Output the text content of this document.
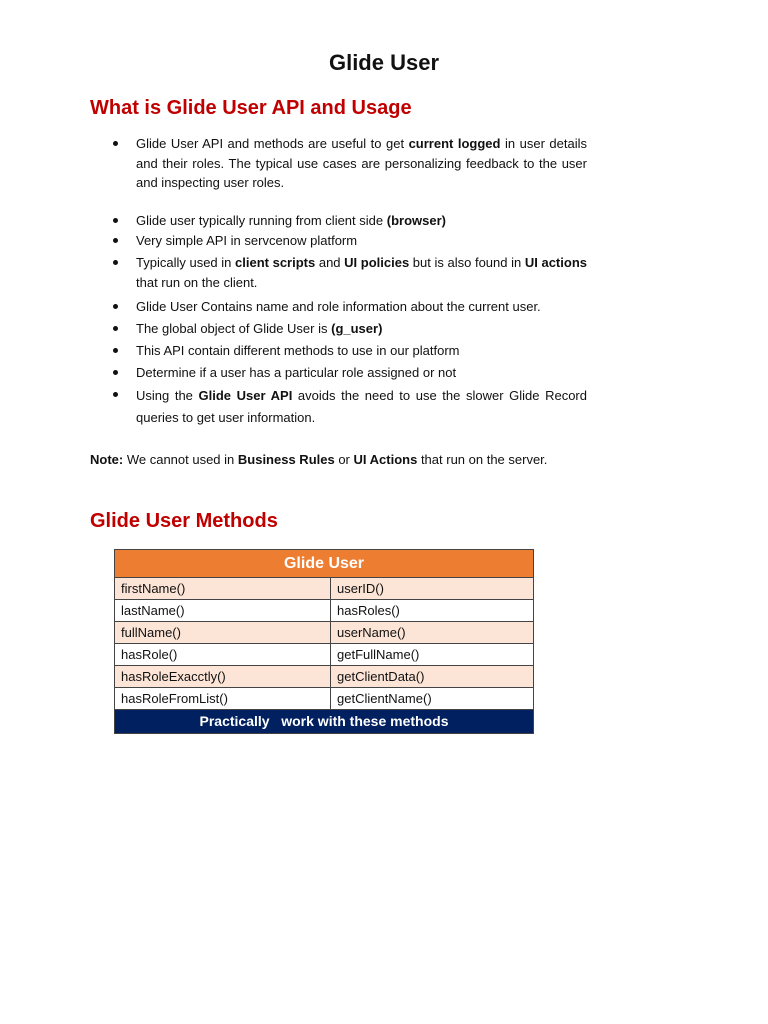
Glide User
What is Glide User API and Usage
Glide User API and methods are useful to get current logged in user details and their roles. The typical use cases are personalizing feedback to the user and inspecting user roles.
Glide user typically running from client side (browser)
Very simple API in servcenow platform
Typically used in client scripts and UI policies but is also found in UI actions that run on the client.
Glide User Contains name and role information about the current user.
The global object of Glide User is (g_user)
This API contain different methods to use in our platform
Determine if a user has a particular role assigned or not
Using the Glide User API avoids the need to use the slower Glide Record queries to get user information.
Note: We cannot used in Business Rules or UI Actions that run on the server.
Glide User Methods
Glide User	
firstName()	userID()
lastName()	hasRoles()
fullName()	userName()
hasRole()	getFullName()
hasRoleExacctly()	getClientData()
hasRoleFromList()	getClientName()
Practically   work with these methods	
